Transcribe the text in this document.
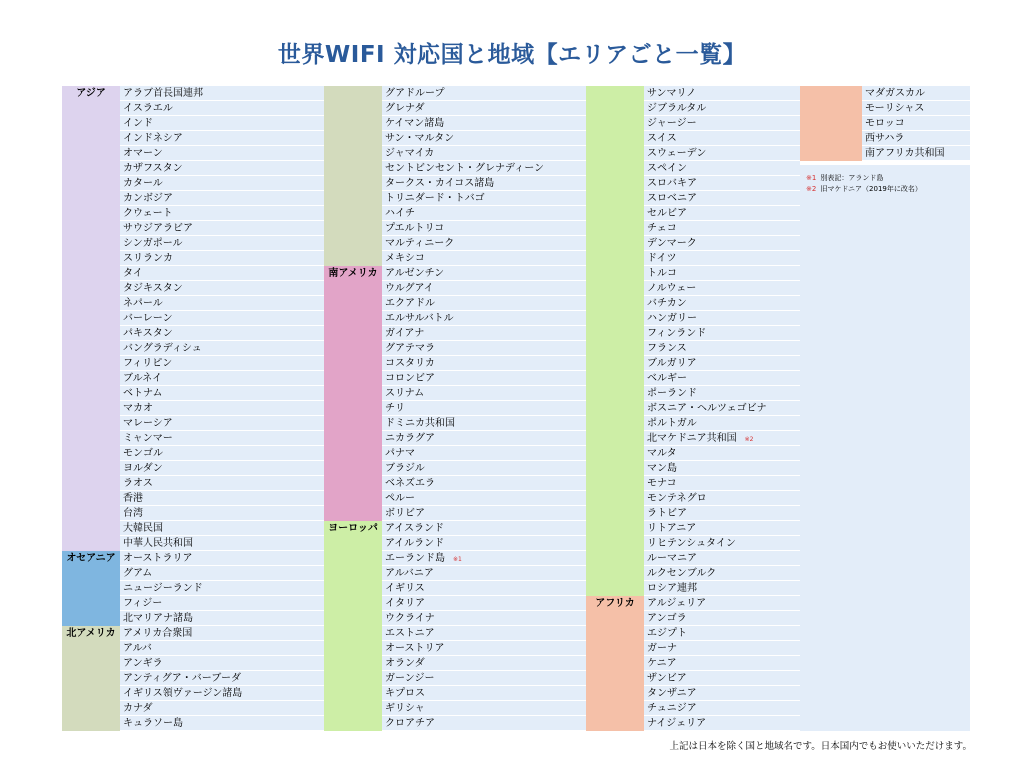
世界WIFI 対応国と地域【エリアごと一覧】
アジア
オセアニア
北アメリカ
アラブ首長国連邦
イスラエル
インド
インドネシア
オマーン
カザフスタン
カタール
カンボジア
クウェート
サウジアラビア
シンガポール
スリランカ
タイ
タジキスタン
ネパール
バーレーン
パキスタン
バングラディシュ
フィリピン
ブルネイ
ベトナム
マカオ
マレーシア
ミャンマー
モンゴル
ヨルダン
ラオス
香港
台湾
大韓民国
中華人民共和国
オーストラリア
グアム
ニュージーランド
フィジー
北マリアナ諸島
アメリカ合衆国
アルバ
アンギラ
アンティグア・バーブーダ
イギリス領ヴァージン諸島
カナダ
キュラソー島
南アメリカ
ヨーロッパ
グアドループ
グレナダ
ケイマン諸島
サン・マルタン
ジャマイカ
セントビンセント・グレナディーン
タークス・カイコス諸島
トリニダード・トバゴ
ハイチ
プエルトリコ
マルティニーク
メキシコ
アルゼンチン
ウルグアイ
エクアドル
エルサルバトル
ガイアナ
グアテマラ
コスタリカ
コロンビア
スリナム
チリ
ドミニカ共和国
ニカラグア
パナマ
ブラジル
ベネズエラ
ペルー
ボリビア
アイスランド
アイルランド
エーランド島 ※1
アルバニア
イギリス
イタリア
ウクライナ
エストニア
オーストリア
オランダ
ガーンジー
キプロス
ギリシャ
クロアチア
アフリカ
サンマリノ
ジブラルタル
ジャージー
スイス
スウェーデン
スペイン
スロバキア
スロベニア
セルビア
チェコ
デンマーク
ドイツ
トルコ
ノルウェー
バチカン
ハンガリー
フィンランド
フランス
ブルガリア
ベルギー
ポーランド
ボスニア・ヘルツェゴビナ
ポルトガル
北マケドニア共和国 ※2
マルタ
マン島
モナコ
モンテネグロ
ラトビア
リトアニア
リヒテンシュタイン
ルーマニア
ルクセンブルク
ロシア連邦
アルジェリア
アンゴラ
エジプト
ガーナ
ケニア
ザンビア
タンザニア
チュニジア
ナイジェリア
マダガスカル
モーリシャス
モロッコ
西サハラ
南アフリカ共和国
※1 別表記：アランド島
※2 旧マケドニア（2019年に改名）
上記は日本を除く国と地域名です。日本国内でもお使いいただけます。
